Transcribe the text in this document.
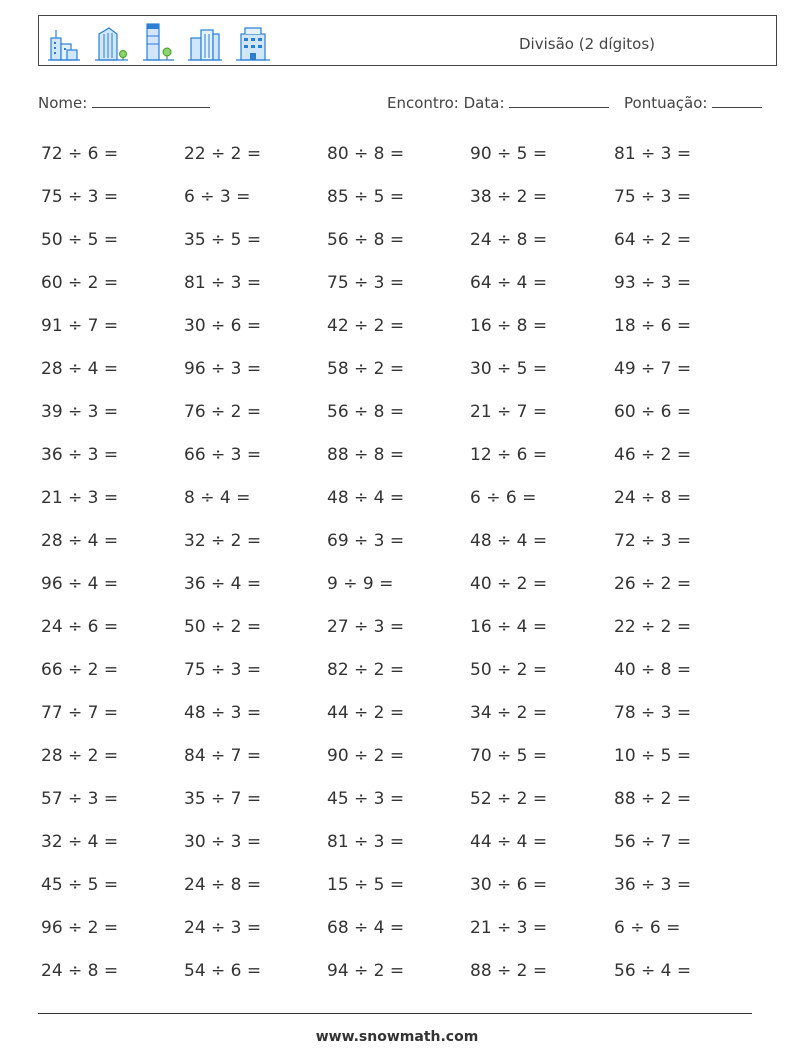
Divisão (2 dígitos)
Nome:	Encontro: Data:	Pontuação:
72 ÷ 6 =
75 ÷ 3 =
50 ÷ 5 =
60 ÷ 2 =
91 ÷ 7 =
28 ÷ 4 =
39 ÷ 3 =
36 ÷ 3 =
21 ÷ 3 =
28 ÷ 4 =
96 ÷ 4 =
24 ÷ 6 =
66 ÷ 2 =
77 ÷ 7 =
28 ÷ 2 =
57 ÷ 3 =
32 ÷ 4 =
45 ÷ 5 =
96 ÷ 2 =
24 ÷ 8 =
22 ÷ 2 =
6 ÷ 3 =
35 ÷ 5 =
81 ÷ 3 =
30 ÷ 6 =
96 ÷ 3 =
76 ÷ 2 =
66 ÷ 3 =
8 ÷ 4 =
32 ÷ 2 =
36 ÷ 4 =
50 ÷ 2 =
75 ÷ 3 =
48 ÷ 3 =
84 ÷ 7 =
35 ÷ 7 =
30 ÷ 3 =
24 ÷ 8 =
24 ÷ 3 =
54 ÷ 6 =
80 ÷ 8 =
85 ÷ 5 =
56 ÷ 8 =
75 ÷ 3 =
42 ÷ 2 =
58 ÷ 2 =
56 ÷ 8 =
88 ÷ 8 =
48 ÷ 4 =
69 ÷ 3 =
9 ÷ 9 =
27 ÷ 3 =
82 ÷ 2 =
44 ÷ 2 =
90 ÷ 2 =
45 ÷ 3 =
81 ÷ 3 =
15 ÷ 5 =
68 ÷ 4 =
94 ÷ 2 =
90 ÷ 5 =
38 ÷ 2 =
24 ÷ 8 =
64 ÷ 4 =
16 ÷ 8 =
30 ÷ 5 =
21 ÷ 7 =
12 ÷ 6 =
6 ÷ 6 =
48 ÷ 4 =
40 ÷ 2 =
16 ÷ 4 =
50 ÷ 2 =
34 ÷ 2 =
70 ÷ 5 =
52 ÷ 2 =
44 ÷ 4 =
30 ÷ 6 =
21 ÷ 3 =
88 ÷ 2 =
81 ÷ 3 =
75 ÷ 3 =
64 ÷ 2 =
93 ÷ 3 =
18 ÷ 6 =
49 ÷ 7 =
60 ÷ 6 =
46 ÷ 2 =
24 ÷ 8 =
72 ÷ 3 =
26 ÷ 2 =
22 ÷ 2 =
40 ÷ 8 =
78 ÷ 3 =
10 ÷ 5 =
88 ÷ 2 =
56 ÷ 7 =
36 ÷ 3 =
6 ÷ 6 =
56 ÷ 4 =
www.snowmath.com
